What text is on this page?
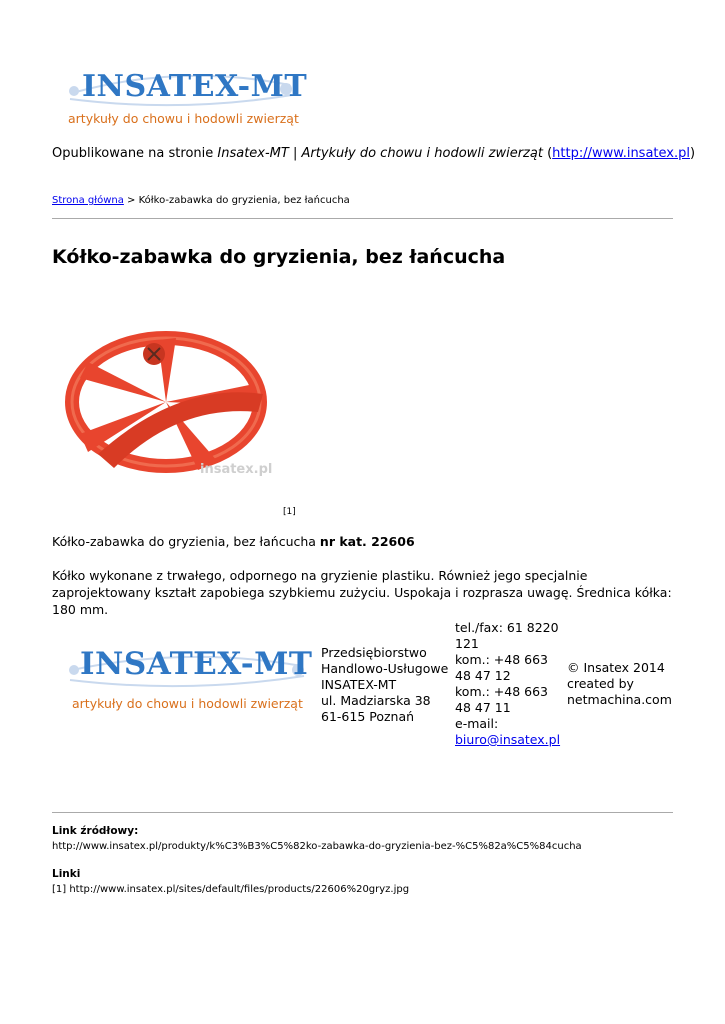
INSATEX-MT
artykuły do chowu i hodowli zwierząt
Opublikowane na stronie Insatex-MT | Artykuły do chowu i hodowli zwierząt (http://www.insatex.pl)
Strona główna > Kółko-zabawka do gryzienia, bez łańcucha
Kółko-zabawka do gryzienia, bez łańcucha
insatex.pl
[1]
Kółko-zabawka do gryzienia, bez łańcucha nr kat. 22606
Kółko wykonane z trwałego, odpornego na gryzienie plastiku. Również jego specjalnie zaprojektowany kształt zapobiega szybkiemu zużyciu. Uspokaja i rozprasza uwagę. Średnica kółka: 180 mm.
INSATEX-MT
artykuły do chowu i hodowli zwierząt
Przedsiębiorstwo
Handlowo-Usługowe
INSATEX-MT
ul. Madziarska 38
61-615 Poznań
tel./fax: 61 8220
121
kom.: +48 663
48 47 12
kom.: +48 663
48 47 11
e-mail:
biuro@insatex.pl
© Insatex 2014
created by
netmachina.com
Link źródłowy:
http://www.insatex.pl/produkty/k%C3%B3%C5%82ko-zabawka-do-gryzienia-bez-%C5%82a%C5%84cucha
Linki
[1] http://www.insatex.pl/sites/default/files/products/22606%20gryz.jpg
